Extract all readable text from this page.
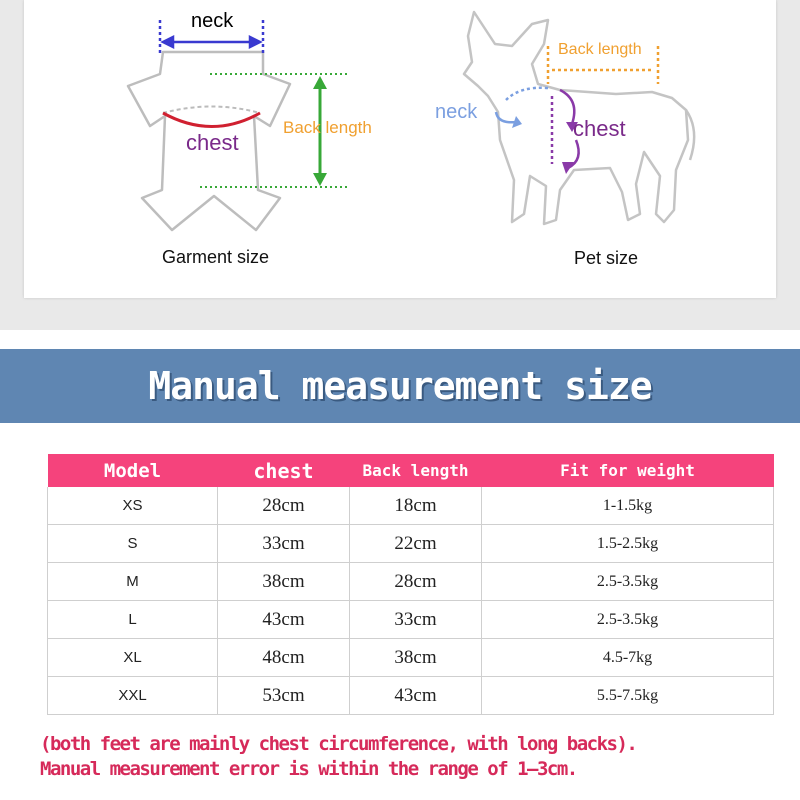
neck
chest
Back length
Garment size
Back length
neck
chest
Pet size
Manual measurement size
Model	chest	Back length	Fit for weight
XS	28cm	18cm	1-1.5kg
S	33cm	22cm	1.5-2.5kg
M	38cm	28cm	2.5-3.5kg
L	43cm	33cm	2.5-3.5kg
XL	48cm	38cm	4.5-7kg
XXL	53cm	43cm	5.5-7.5kg
(both feet are mainly chest circumference, with long backs).
Manual measurement error is within the range of 1—3cm.
